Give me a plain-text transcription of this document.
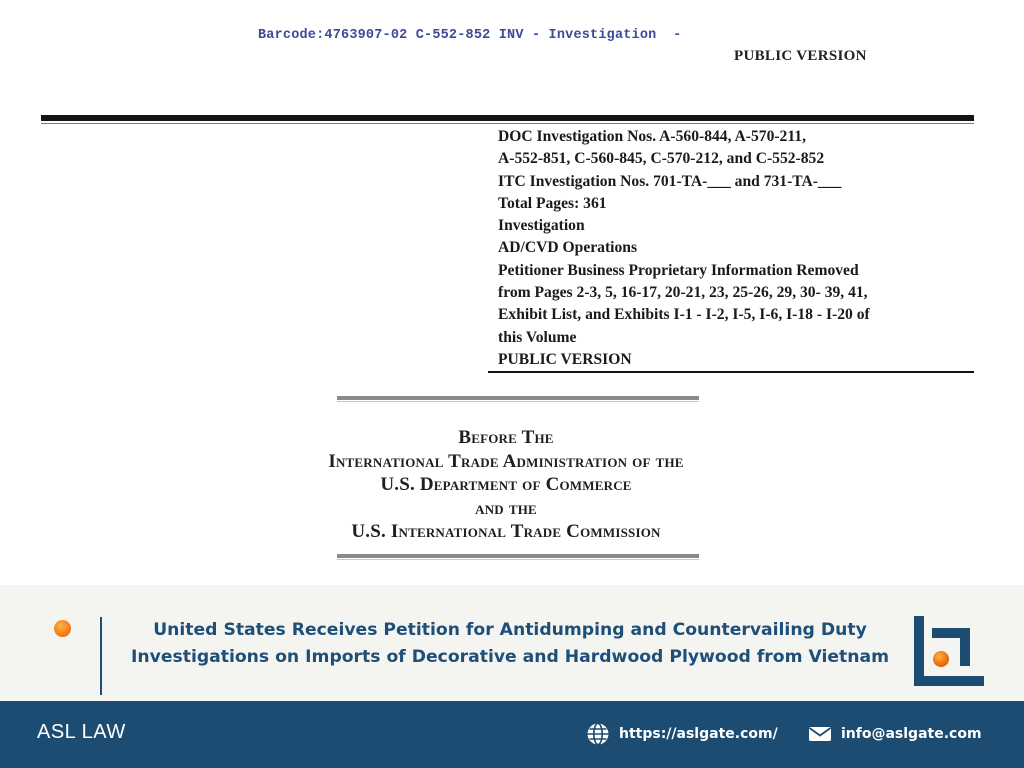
Barcode:4763907-02 C-552-852 INV - Investigation  -
PUBLIC VERSION
DOC Investigation Nos. A-560-844, A-570-211,
A-552-851, C-560-845, C-570-212, and C-552-852
ITC Investigation Nos. 701-TA-___ and 731-TA-___
Total Pages: 361
Investigation
AD/CVD Operations
Petitioner Business Proprietary Information Removed
from Pages 2-3, 5, 16-17, 20-21, 23, 25-26, 29, 30- 39, 41,
Exhibit List, and Exhibits I-1 - I-2, I-5, I-6, I-18 - I-20 of
this Volume
PUBLIC VERSION
Before The
International Trade Administration of the
U.S. Department of Commerce
and the
U.S. International Trade Commission
United States Receives Petition for Antidumping and Countervailing Duty
Investigations on Imports of Decorative and Hardwood Plywood from Vietnam
ASL LAW	https://aslgate.com/	info@aslgate.com
